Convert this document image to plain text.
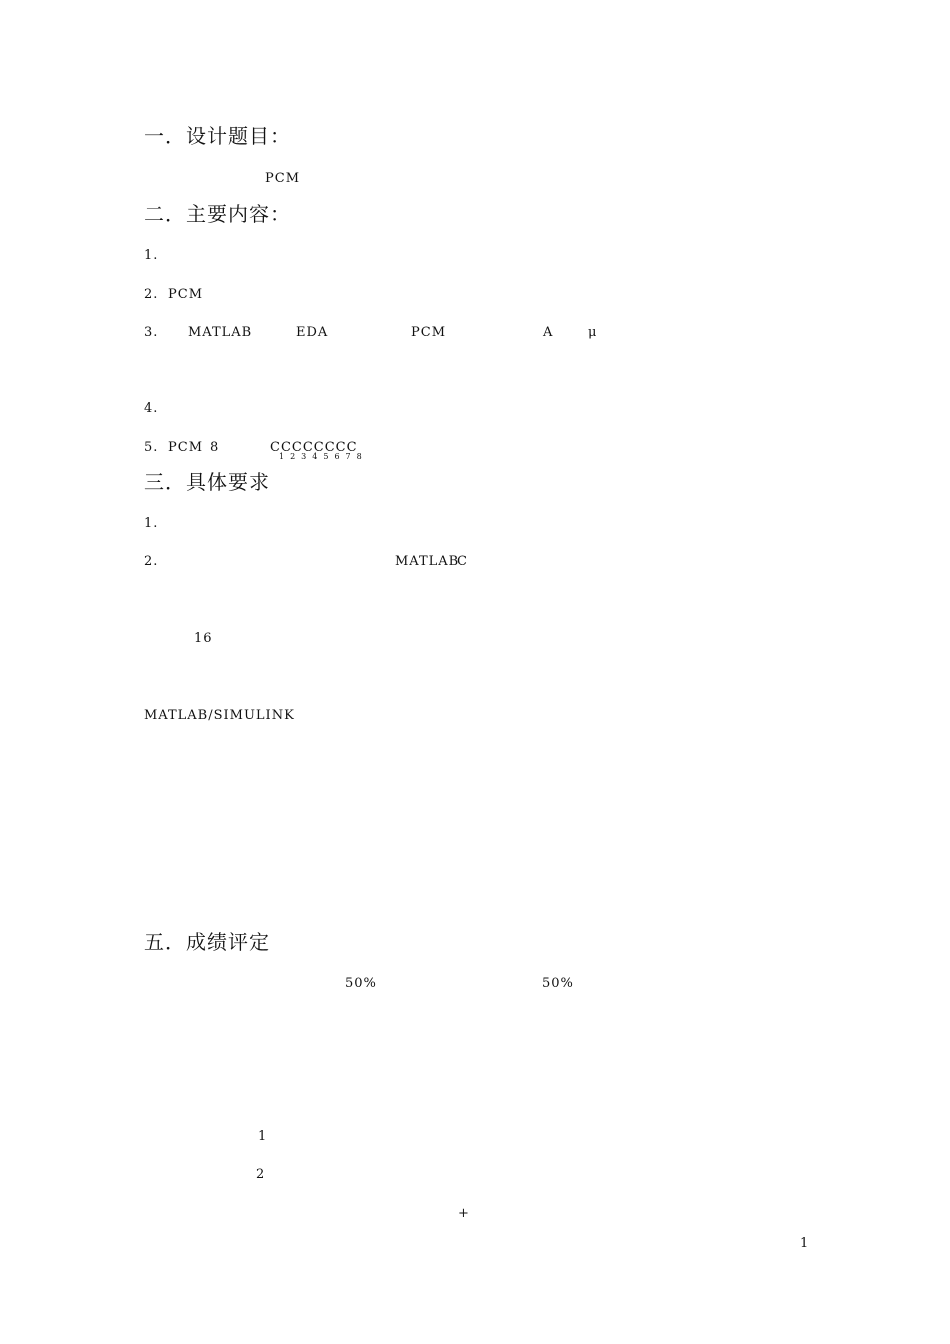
一．设计题目：
PCM
二．主要内容：
1.
2. PCM
3. MATLAB	EDA	PCM	A	μ
4.
5. PCM 8	CCCCCCCC
12345678
三．具体要求
1.
2.	MATLAB
C
16
MATLAB/SIMULINK
五．成绩评定
50%	50%
1
2
+
1
